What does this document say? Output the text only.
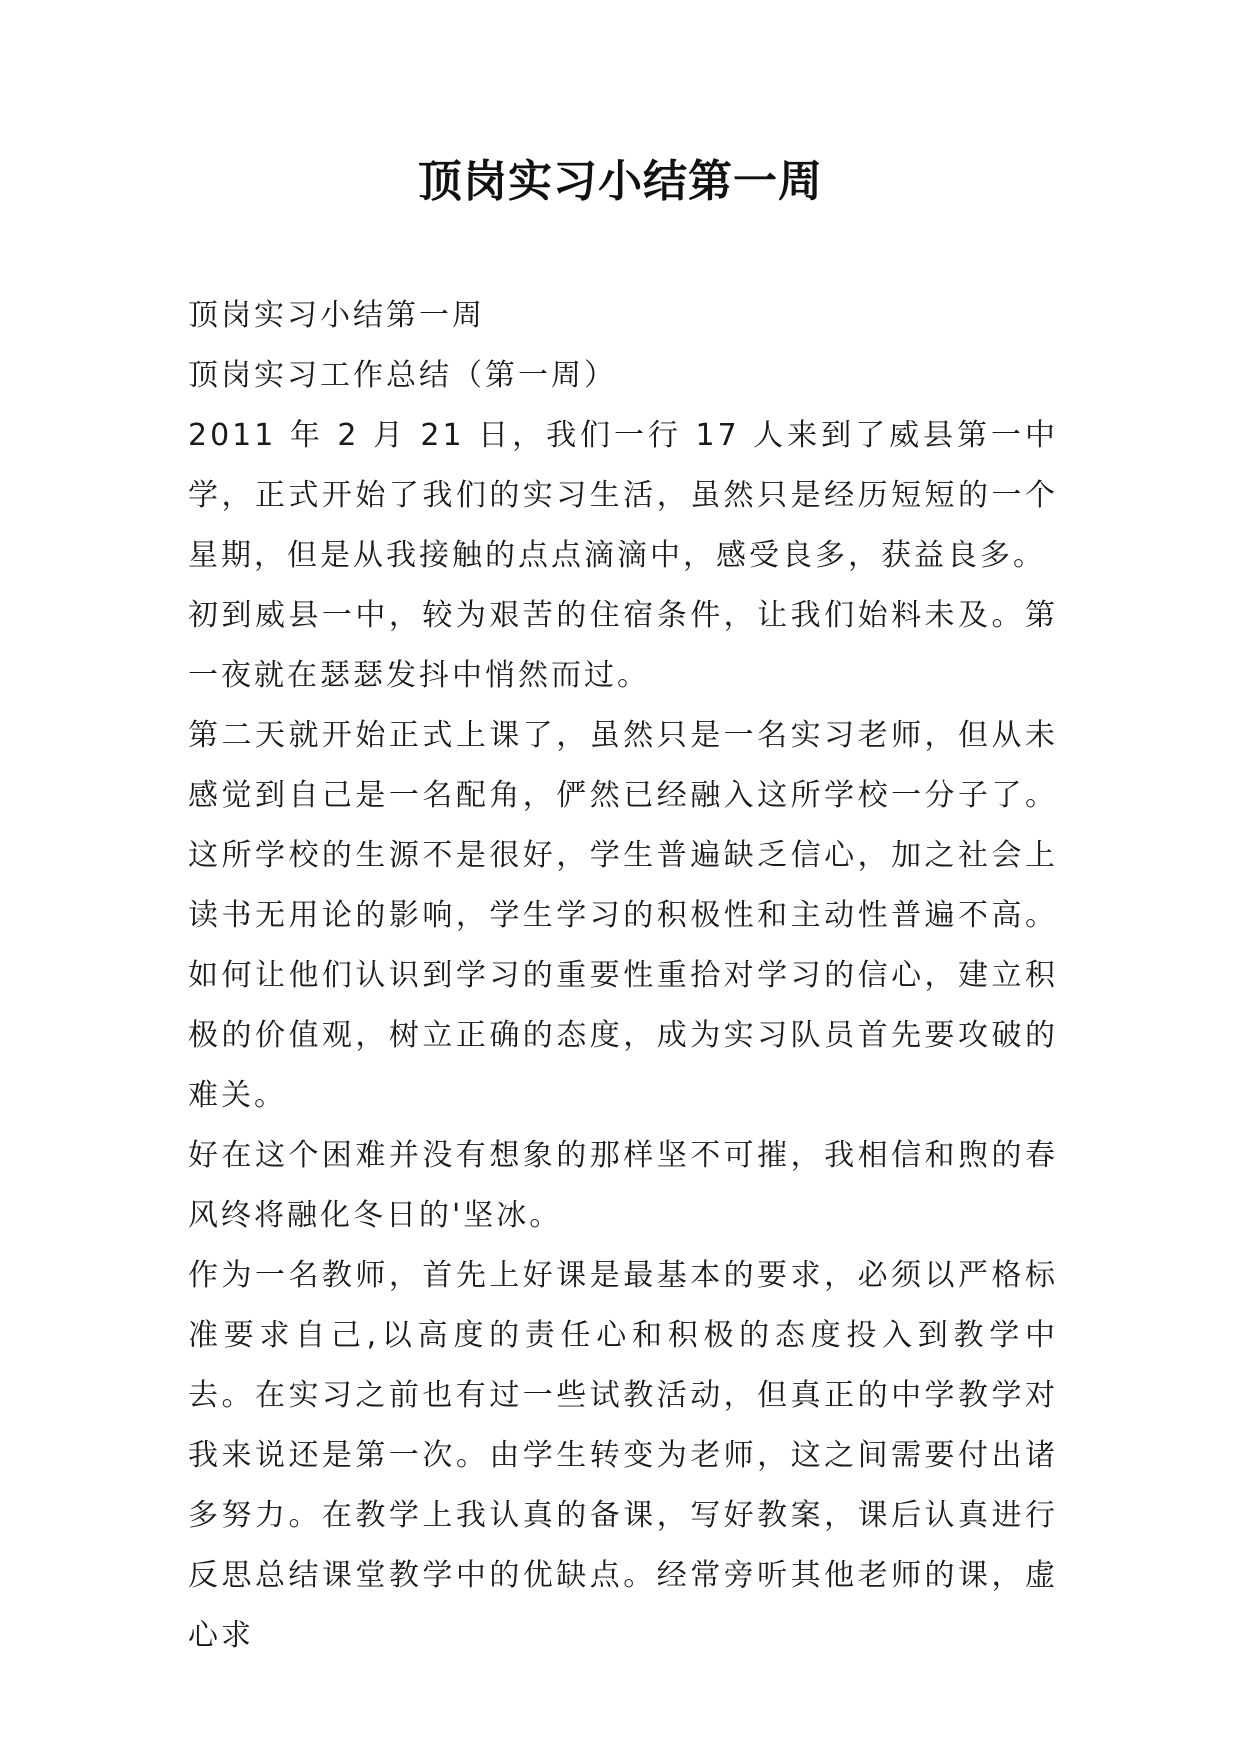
顶岗实习小结第一周

顶岗实习小结第一周

顶岗实习工作总结（第一周）

2011 年 2 月 21 日，我们一行 17 人来到了威县第一中学，正式开始了我们的实习生活，虽然只是经历短短的一个星期，但是从我接触的点点滴滴中，感受良多，获益良多。

初到威县一中，较为艰苦的住宿条件，让我们始料未及。第一夜就在瑟瑟发抖中悄然而过。

第二天就开始正式上课了，虽然只是一名实习老师，但从未感觉到自己是一名配角，俨然已经融入这所学校一分子了。这所学校的生源不是很好，学生普遍缺乏信心，加之社会上读书无用论的影响，学生学习的积极性和主动性普遍不高。如何让他们认识到学习的重要性重拾对学习的信心，建立积极的价值观，树立正确的态度，成为实习队员首先要攻破的难关。

好在这个困难并没有想象的那样坚不可摧，我相信和煦的春风终将融化冬日的'坚冰。

作为一名教师，首先上好课是最基本的要求，必须以严格标准要求自己,以高度的责任心和积极的态度投入到教学中去。在实习之前也有过一些试教活动，但真正的中学教学对我来说还是第一次。由学生转变为老师，这之间需要付出诸多努力。在教学上我认真的备课，写好教案，课后认真进行反思总结课堂教学中的优缺点。经常旁听其他老师的课，虚心求
